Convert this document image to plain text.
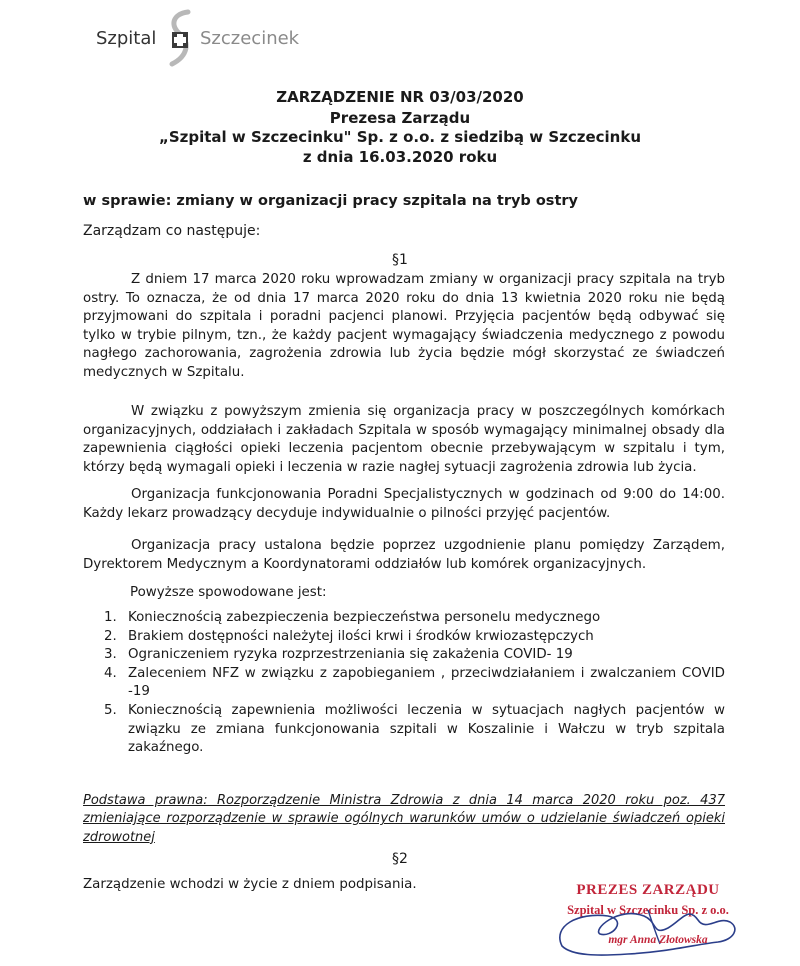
Szpital Szczecinek
ZARZĄDZENIE NR 03/03/2020
Prezesa Zarządu
„Szpital w Szczecinku" Sp. z o.o. z siedzibą w Szczecinku
z dnia 16.03.2020 roku
w sprawie: zmiany w organizacji pracy szpitala na tryb ostry
Zarządzam co następuje:
§1
Z dniem 17 marca 2020 roku wprowadzam zmiany w organizacji pracy szpitala na tryb ostry. To oznacza, że od dnia 17 marca 2020 roku do dnia 13 kwietnia 2020 roku nie będą przyjmowani do szpitala i poradni pacjenci planowi. Przyjęcia pacjentów będą odbywać się tylko w trybie pilnym, tzn., że każdy pacjent wymagający świadczenia medycznego z powodu nagłego zachorowania, zagrożenia zdrowia lub życia będzie mógł skorzystać ze świadczeń medycznych w Szpitalu.
W związku z powyższym zmienia się organizacja pracy w poszczególnych komórkach organizacyjnych, oddziałach i zakładach Szpitala w sposób wymagający minimalnej obsady dla zapewnienia ciągłości opieki leczenia pacjentom obecnie przebywającym w szpitalu i tym, którzy będą wymagali opieki i leczenia w razie nagłej sytuacji zagrożenia zdrowia lub życia.
Organizacja funkcjonowania Poradni Specjalistycznych w godzinach od 9:00 do 14:00. Każdy lekarz prowadzący decyduje indywidualnie o pilności przyjęć pacjentów.
Organizacja pracy ustalona będzie poprzez uzgodnienie planu pomiędzy Zarządem, Dyrektorem Medycznym a Koordynatorami oddziałów lub komórek organizacyjnych.
Powyższe spowodowane jest:
1. Koniecznością zabezpieczenia bezpieczeństwa personelu medycznego
2. Brakiem dostępności należytej ilości krwi i środków krwiozastępczych
3. Ograniczeniem ryzyka rozprzestrzeniania się zakażenia COVID- 19
4. Zaleceniem NFZ w związku z zapobieganiem , przeciwdziałaniem i zwalczaniem COVID -19
5. Koniecznością zapewnienia możliwości leczenia w sytuacjach nagłych pacjentów w związku ze zmiana funkcjonowania szpitali w Koszalinie i Wałczu w tryb szpitala zakaźnego.
Podstawa prawna: Rozporządzenie Ministra Zdrowia z dnia 14 marca 2020 roku poz. 437 zmieniające rozporządzenie w sprawie ogólnych warunków umów o udzielanie świadczeń opieki zdrowotnej
§2
Zarządzenie wchodzi w życie z dniem podpisania.	PREZES ZARZĄDU
Szpital w Szczecinku Sp. z o.o.
mgr Anna Złotowska
